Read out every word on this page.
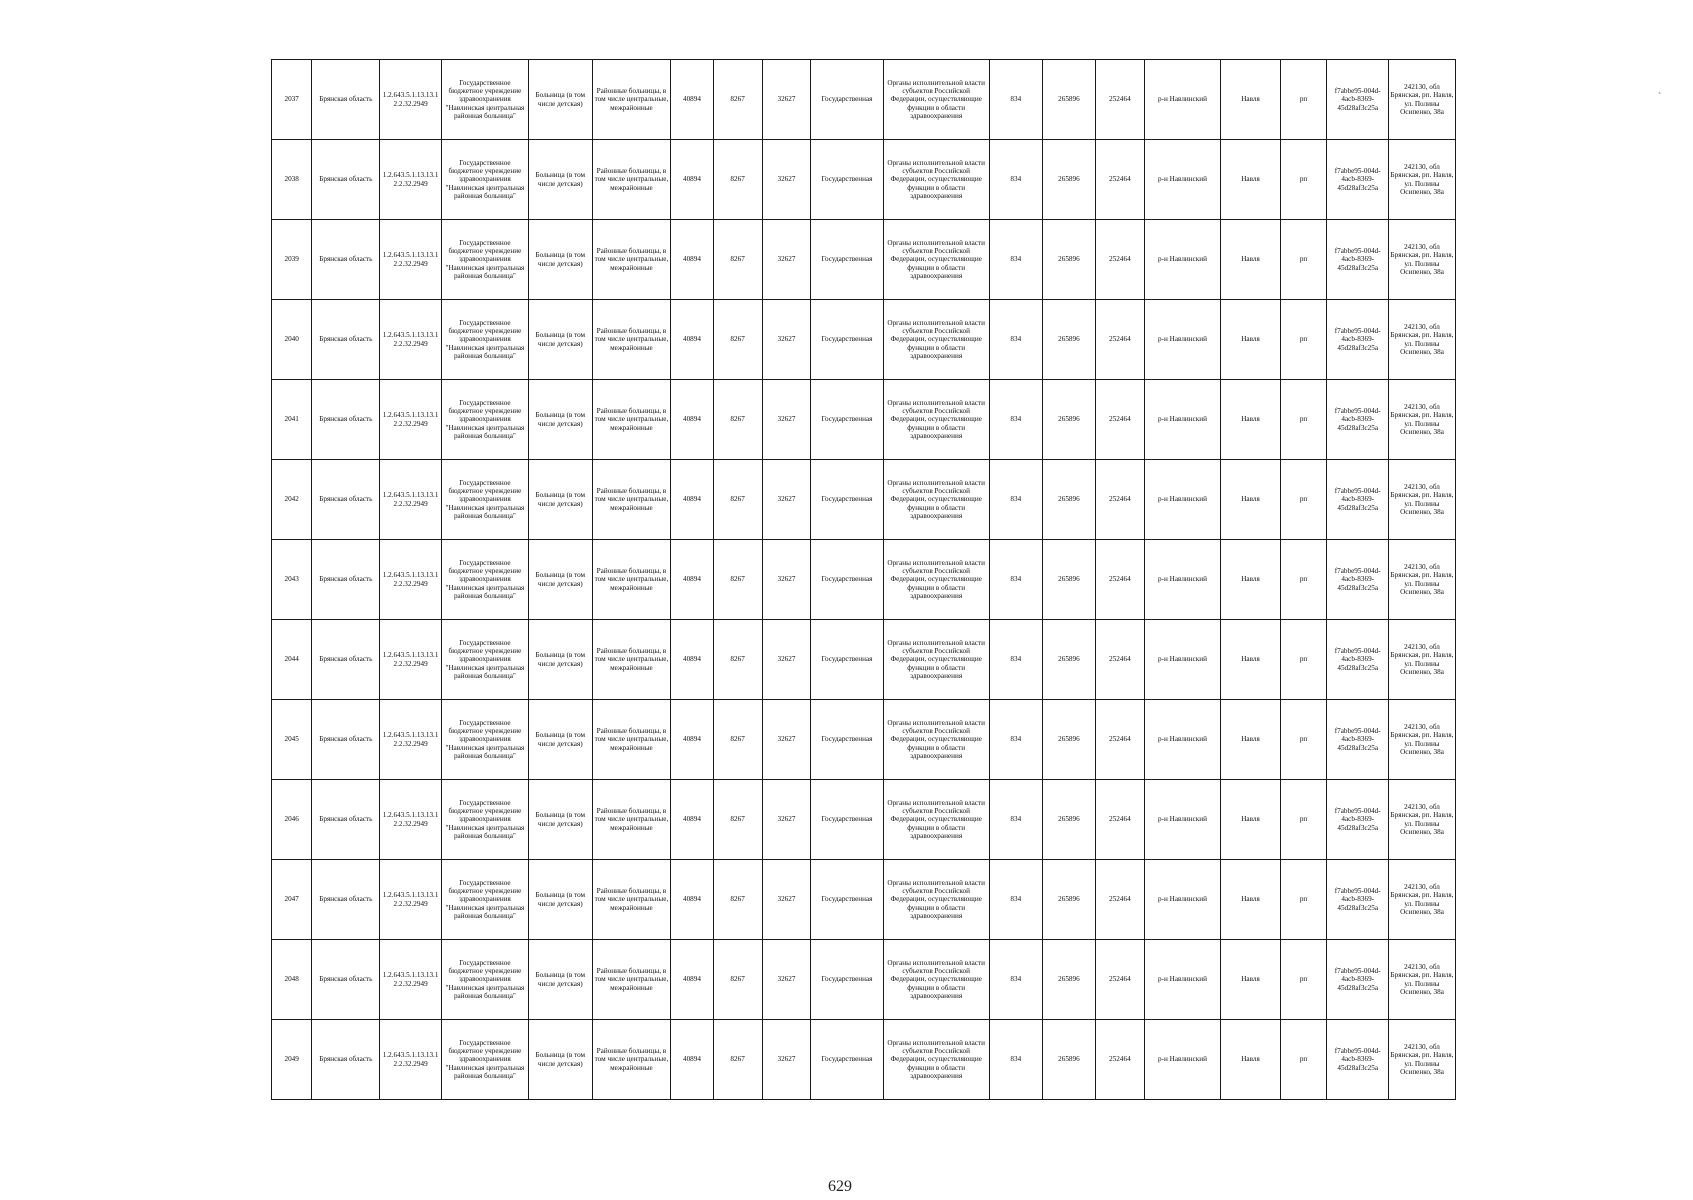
2037	Брянская область	1.2.643.5.1.13.13.12.2.32.2949	Государственное бюджетное учреждение здравоохранения "Навлинская центральная районная больница"	Больница (в том числе детская)	Районные больницы, в том числе центральные, межрайонные	40894	8267	32627	Государственная	Органы исполнительной власти субъектов Российской Федерации, осуществляющие функции в области здравоохранения	834	265896	252464	р-н Навлинский	Навля	рп	f7abbe95-004d-4acb-8369-45d28af3c25a	242130, обл Брянская, рп. Навля, ул. Полины Осипенко, 38а
2038	Брянская область	1.2.643.5.1.13.13.12.2.32.2949	Государственное бюджетное учреждение здравоохранения "Навлинская центральная районная больница"	Больница (в том числе детская)	Районные больницы, в том числе центральные, межрайонные	40894	8267	32627	Государственная	Органы исполнительной власти субъектов Российской Федерации, осуществляющие функции в области здравоохранения	834	265896	252464	р-н Навлинский	Навля	рп	f7abbe95-004d-4acb-8369-45d28af3c25a	242130, обл Брянская, рп. Навля, ул. Полины Осипенко, 38а
2039	Брянская область	1.2.643.5.1.13.13.12.2.32.2949	Государственное бюджетное учреждение здравоохранения "Навлинская центральная районная больница"	Больница (в том числе детская)	Районные больницы, в том числе центральные, межрайонные	40894	8267	32627	Государственная	Органы исполнительной власти субъектов Российской Федерации, осуществляющие функции в области здравоохранения	834	265896	252464	р-н Навлинский	Навля	рп	f7abbe95-004d-4acb-8369-45d28af3c25a	242130, обл Брянская, рп. Навля, ул. Полины Осипенко, 38а
2040	Брянская область	1.2.643.5.1.13.13.12.2.32.2949	Государственное бюджетное учреждение здравоохранения "Навлинская центральная районная больница"	Больница (в том числе детская)	Районные больницы, в том числе центральные, межрайонные	40894	8267	32627	Государственная	Органы исполнительной власти субъектов Российской Федерации, осуществляющие функции в области здравоохранения	834	265896	252464	р-н Навлинский	Навля	рп	f7abbe95-004d-4acb-8369-45d28af3c25a	242130, обл Брянская, рп. Навля, ул. Полины Осипенко, 38а
2041	Брянская область	1.2.643.5.1.13.13.12.2.32.2949	Государственное бюджетное учреждение здравоохранения "Навлинская центральная районная больница"	Больница (в том числе детская)	Районные больницы, в том числе центральные, межрайонные	40894	8267	32627	Государственная	Органы исполнительной власти субъектов Российской Федерации, осуществляющие функции в области здравоохранения	834	265896	252464	р-н Навлинский	Навля	рп	f7abbe95-004d-4acb-8369-45d28af3c25a	242130, обл Брянская, рп. Навля, ул. Полины Осипенко, 38а
2042	Брянская область	1.2.643.5.1.13.13.12.2.32.2949	Государственное бюджетное учреждение здравоохранения "Навлинская центральная районная больница"	Больница (в том числе детская)	Районные больницы, в том числе центральные, межрайонные	40894	8267	32627	Государственная	Органы исполнительной власти субъектов Российской Федерации, осуществляющие функции в области здравоохранения	834	265896	252464	р-н Навлинский	Навля	рп	f7abbe95-004d-4acb-8369-45d28af3c25a	242130, обл Брянская, рп. Навля, ул. Полины Осипенко, 38а
2043	Брянская область	1.2.643.5.1.13.13.12.2.32.2949	Государственное бюджетное учреждение здравоохранения "Навлинская центральная районная больница"	Больница (в том числе детская)	Районные больницы, в том числе центральные, межрайонные	40894	8267	32627	Государственная	Органы исполнительной власти субъектов Российской Федерации, осуществляющие функции в области здравоохранения	834	265896	252464	р-н Навлинский	Навля	рп	f7abbe95-004d-4acb-8369-45d28af3c25a	242130, обл Брянская, рп. Навля, ул. Полины Осипенко, 38а
2044	Брянская область	1.2.643.5.1.13.13.12.2.32.2949	Государственное бюджетное учреждение здравоохранения "Навлинская центральная районная больница"	Больница (в том числе детская)	Районные больницы, в том числе центральные, межрайонные	40894	8267	32627	Государственная	Органы исполнительной власти субъектов Российской Федерации, осуществляющие функции в области здравоохранения	834	265896	252464	р-н Навлинский	Навля	рп	f7abbe95-004d-4acb-8369-45d28af3c25a	242130, обл Брянская, рп. Навля, ул. Полины Осипенко, 38а
2045	Брянская область	1.2.643.5.1.13.13.12.2.32.2949	Государственное бюджетное учреждение здравоохранения "Навлинская центральная районная больница"	Больница (в том числе детская)	Районные больницы, в том числе центральные, межрайонные	40894	8267	32627	Государственная	Органы исполнительной власти субъектов Российской Федерации, осуществляющие функции в области здравоохранения	834	265896	252464	р-н Навлинский	Навля	рп	f7abbe95-004d-4acb-8369-45d28af3c25a	242130, обл Брянская, рп. Навля, ул. Полины Осипенко, 38а
2046	Брянская область	1.2.643.5.1.13.13.12.2.32.2949	Государственное бюджетное учреждение здравоохранения "Навлинская центральная районная больница"	Больница (в том числе детская)	Районные больницы, в том числе центральные, межрайонные	40894	8267	32627	Государственная	Органы исполнительной власти субъектов Российской Федерации, осуществляющие функции в области здравоохранения	834	265896	252464	р-н Навлинский	Навля	рп	f7abbe95-004d-4acb-8369-45d28af3c25a	242130, обл Брянская, рп. Навля, ул. Полины Осипенко, 38а
2047	Брянская область	1.2.643.5.1.13.13.12.2.32.2949	Государственное бюджетное учреждение здравоохранения "Навлинская центральная районная больница"	Больница (в том числе детская)	Районные больницы, в том числе центральные, межрайонные	40894	8267	32627	Государственная	Органы исполнительной власти субъектов Российской Федерации, осуществляющие функции в области здравоохранения	834	265896	252464	р-н Навлинский	Навля	рп	f7abbe95-004d-4acb-8369-45d28af3c25a	242130, обл Брянская, рп. Навля, ул. Полины Осипенко, 38а
2048	Брянская область	1.2.643.5.1.13.13.12.2.32.2949	Государственное бюджетное учреждение здравоохранения "Навлинская центральная районная больница"	Больница (в том числе детская)	Районные больницы, в том числе центральные, межрайонные	40894	8267	32627	Государственная	Органы исполнительной власти субъектов Российской Федерации, осуществляющие функции в области здравоохранения	834	265896	252464	р-н Навлинский	Навля	рп	f7abbe95-004d-4acb-8369-45d28af3c25a	242130, обл Брянская, рп. Навля, ул. Полины Осипенко, 38а
2049	Брянская область	1.2.643.5.1.13.13.12.2.32.2949	Государственное бюджетное учреждение здравоохранения "Навлинская центральная районная больница"	Больница (в том числе детская)	Районные больницы, в том числе центральные, межрайонные	40894	8267	32627	Государственная	Органы исполнительной власти субъектов Российской Федерации, осуществляющие функции в области здравоохранения	834	265896	252464	р-н Навлинский	Навля	рп	f7abbe95-004d-4acb-8369-45d28af3c25a	242130, обл Брянская, рп. Навля, ул. Полины Осипенко, 38а
629
`
